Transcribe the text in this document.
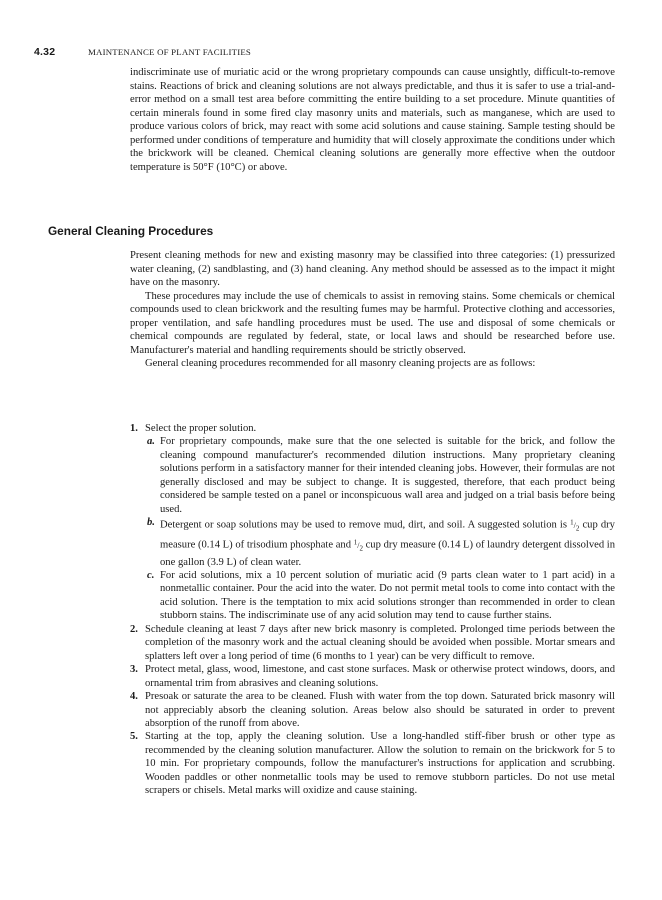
4.32	MAINTENANCE OF PLANT FACILITIES

indiscriminate use of muriatic acid or the wrong proprietary compounds can cause unsightly, difficult-to-remove stains. Reactions of brick and cleaning solutions are not always predictable, and thus it is safer to use a trial-and-error method on a small test area before committing the entire building to a set procedure. Minute quantities of certain minerals found in some fired clay masonry units and materials, such as manganese, which are used to produce various colors of brick, may react with some acid solutions and cause staining. Sample testing should be performed under conditions of temperature and humidity that will closely approximate the conditions under which the brickwork will be cleaned. Chemical cleaning solutions are generally more effective when the outdoor temperature is 50°F (10°C) or above.

General Cleaning Procedures

Present cleaning methods for new and existing masonry may be classified into three categories: (1) pressurized water cleaning, (2) sandblasting, and (3) hand cleaning. Any method should be assessed as to the impact it might have on the masonry.

These procedures may include the use of chemicals to assist in removing stains. Some chemicals or chemical compounds used to clean brickwork and the resulting fumes may be harmful. Protective clothing and accessories, proper ventilation, and safe handling procedures must be used. The use and disposal of some chemicals or chemical compounds are regulated by federal, state, or local laws and should be researched before use. Manufacturer's material and handling requirements should be strictly observed.

General cleaning procedures recommended for all masonry cleaning projects are as follows:

1. Select the proper solution.
a. For proprietary compounds, make sure that the one selected is suitable for the brick, and follow the cleaning compound manufacturer's recommended dilution instructions. Many proprietary cleaning solutions perform in a satisfactory manner for their intended cleaning jobs. However, their formulas are not generally disclosed and may be subject to change. It is suggested, therefore, that each product being considered be sample tested on a panel or inconspicuous wall area and judged on a trial basis before being used.
b. Detergent or soap solutions may be used to remove mud, dirt, and soil. A suggested solution is $^1/_2$ cup dry measure (0.14 L) of trisodium phosphate and $^1/_2$ cup dry measure (0.14 L) of laundry detergent dissolved in one gallon (3.9 L) of clean water.
c. For acid solutions, mix a 10 percent solution of muriatic acid (9 parts clean water to 1 part acid) in a nonmetallic container. Pour the acid into the water. Do not permit metal tools to come into contact with the acid solution. There is the temptation to mix acid solutions stronger than recommended in order to clean stubborn stains. The indiscriminate use of any acid solution may tend to cause further stains.
2. Schedule cleaning at least 7 days after new brick masonry is completed. Prolonged time periods between the completion of the masonry work and the actual cleaning should be avoided when possible. Mortar smears and splatters left over a long period of time (6 months to 1 year) can be very difficult to remove.
3. Protect metal, glass, wood, limestone, and cast stone surfaces. Mask or otherwise protect windows, doors, and ornamental trim from abrasives and cleaning solutions.
4. Presoak or saturate the area to be cleaned. Flush with water from the top down. Saturated brick masonry will not appreciably absorb the cleaning solution. Areas below also should be saturated in order to prevent absorption of the runoff from above.
5. Starting at the top, apply the cleaning solution. Use a long-handled stiff-fiber brush or other type as recommended by the cleaning solution manufacturer. Allow the solution to remain on the brickwork for 5 to 10 min. For proprietary compounds, follow the manufacturer's instructions for application and scrubbing. Wooden paddles or other nonmetallic tools may be used to remove stubborn particles. Do not use metal scrapers or chisels. Metal marks will oxidize and cause staining.
